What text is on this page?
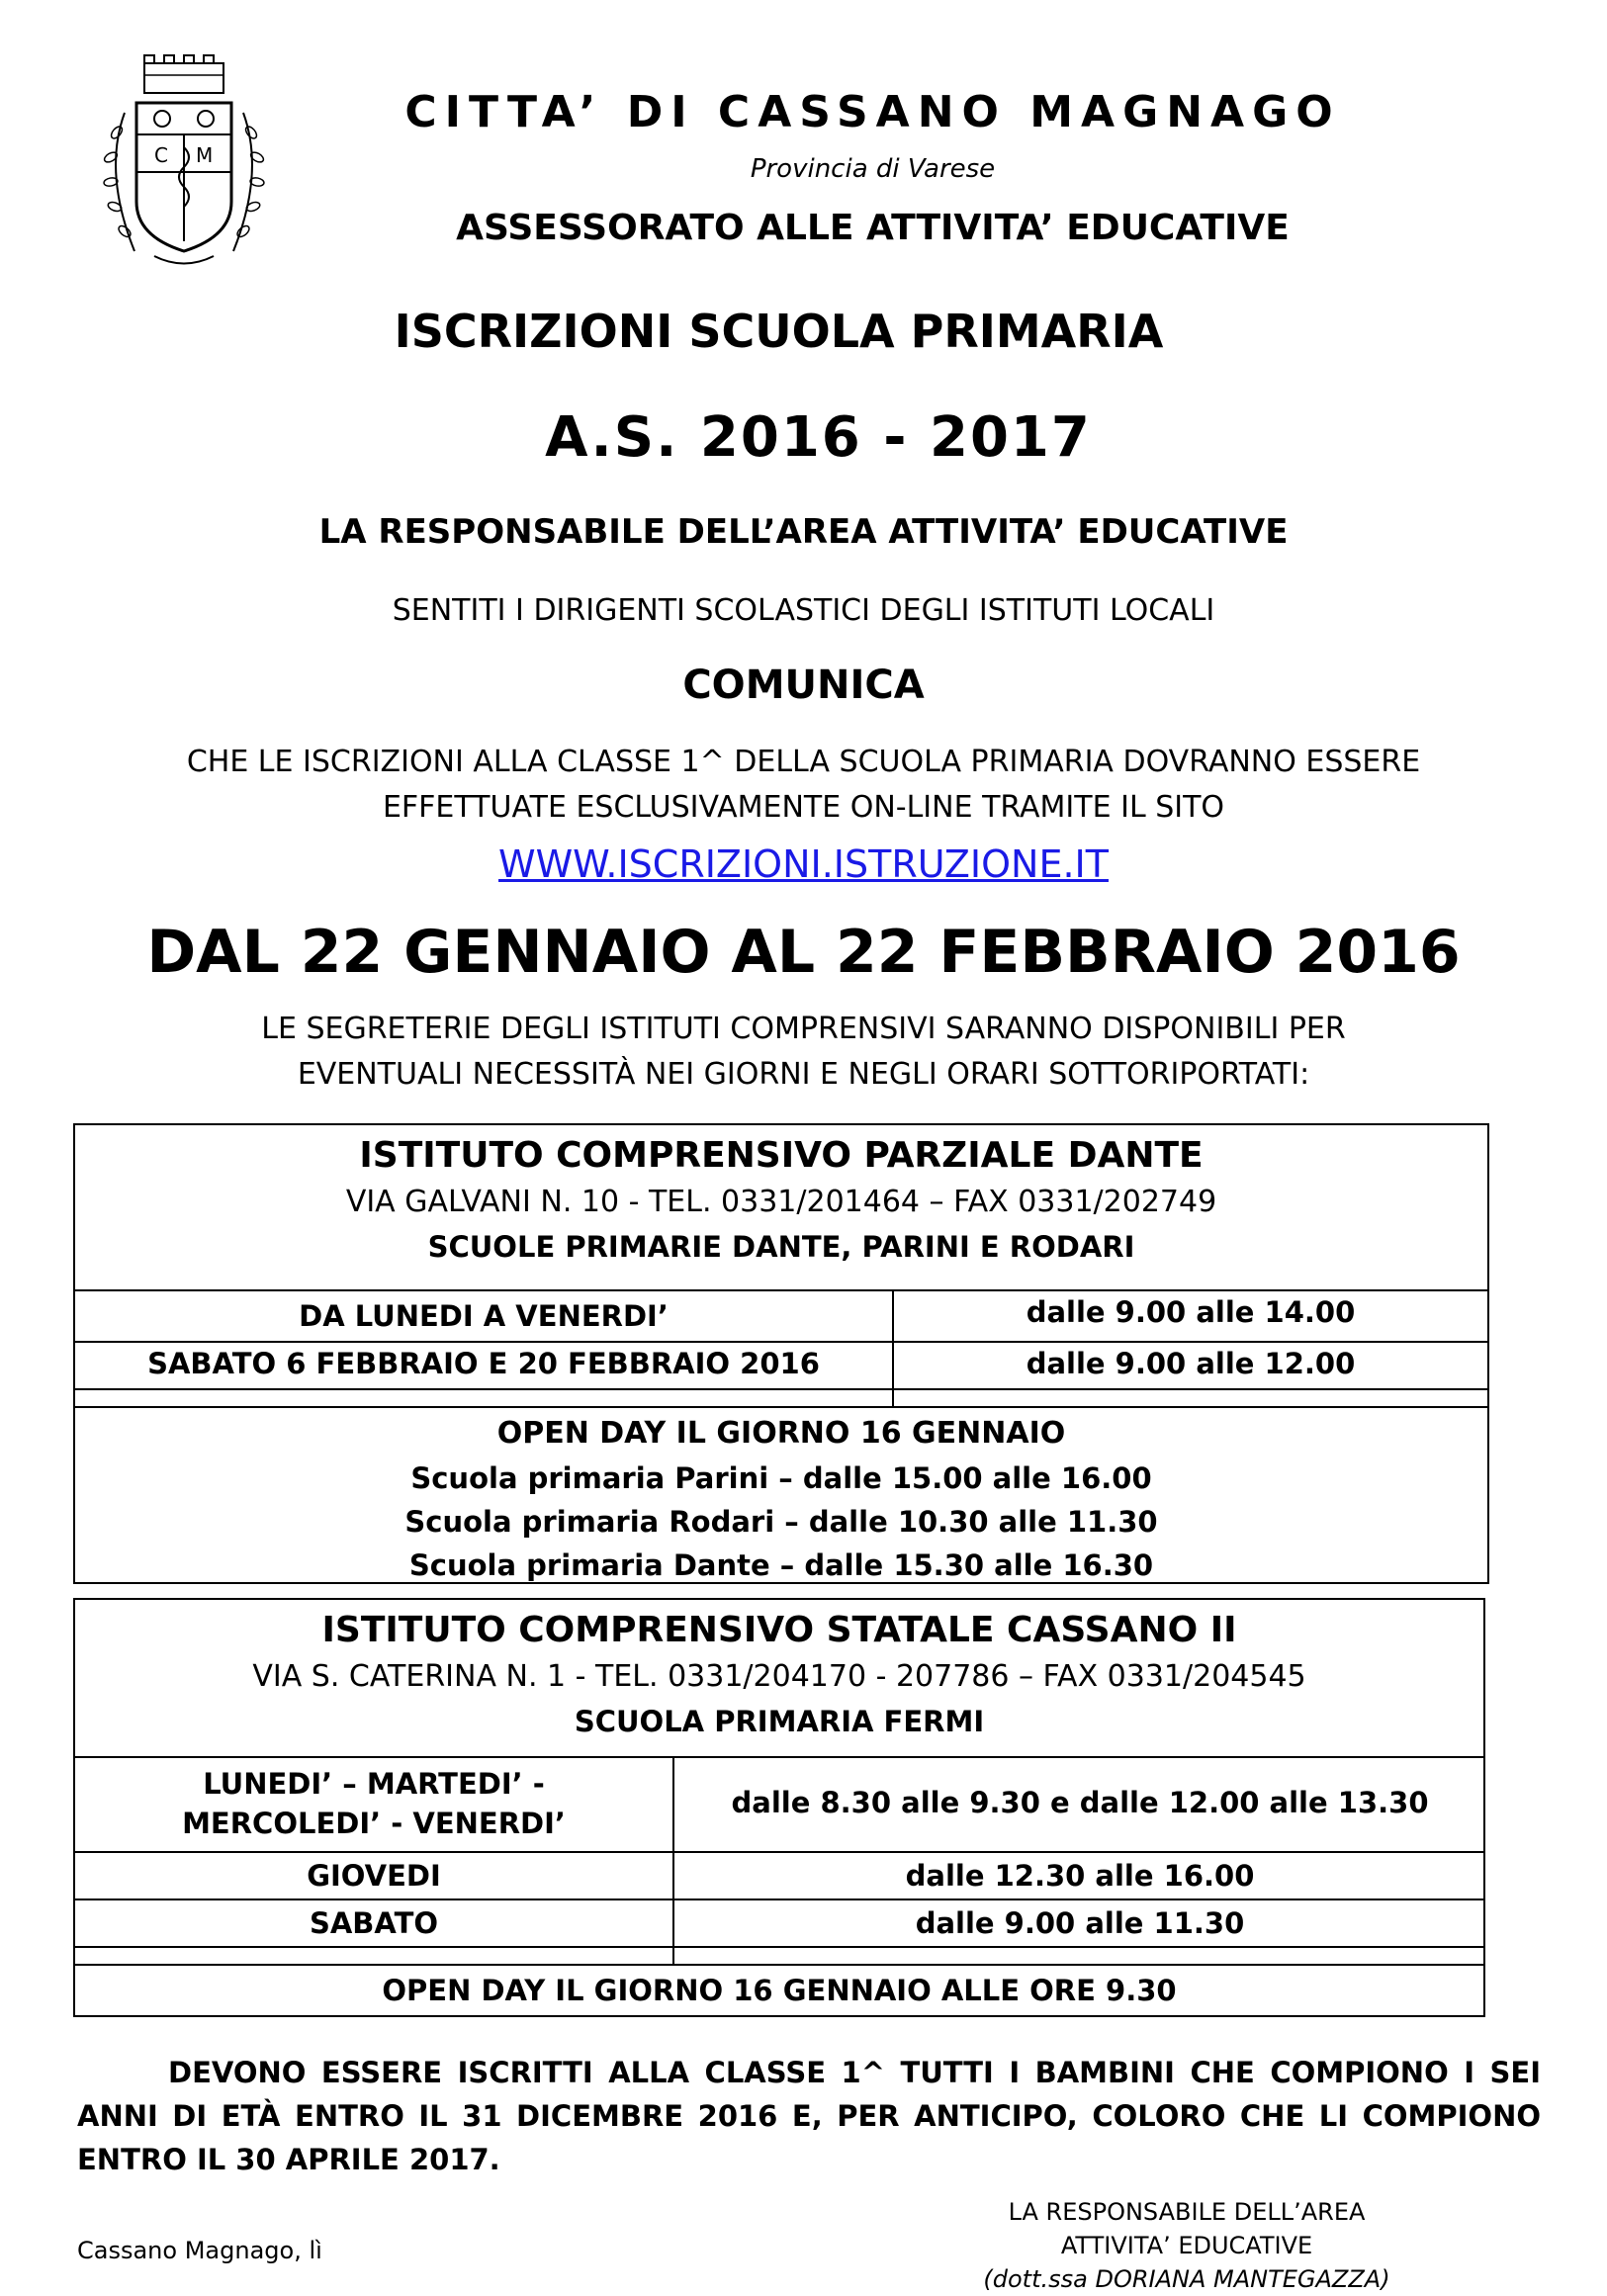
C M
CITTA’ DI CASSANO MAGNAGO
Provincia di Varese
ASSESSORATO ALLE ATTIVITA’ EDUCATIVE
ISCRIZIONI SCUOLA PRIMARIA
A.S. 2016 - 2017
LA RESPONSABILE DELL’AREA ATTIVITA’ EDUCATIVE
SENTITI I DIRIGENTI SCOLASTICI DEGLI ISTITUTI LOCALI
COMUNICA
CHE LE ISCRIZIONI ALLA CLASSE 1^ DELLA SCUOLA PRIMARIA DOVRANNO ESSERE
EFFETTUATE ESCLUSIVAMENTE ON-LINE TRAMITE IL SITO
WWW.ISCRIZIONI.ISTRUZIONE.IT
DAL 22 GENNAIO AL 22 FEBBRAIO 2016
LE SEGRETERIE DEGLI ISTITUTI COMPRENSIVI SARANNO DISPONIBILI PER
EVENTUALI NECESSITÀ NEI GIORNI E NEGLI ORARI SOTTORIPORTATI:
ISTITUTO COMPRENSIVO PARZIALE DANTE
VIA GALVANI N. 10 - TEL. 0331/201464 – FAX 0331/202749
SCUOLE PRIMARIE DANTE, PARINI E RODARI
DA LUNEDI A VENERDI’	dalle 9.00 alle 14.00
SABATO 6 FEBBRAIO E 20 FEBBRAIO 2016	dalle 9.00 alle 12.00
OPEN DAY IL GIORNO 16 GENNAIO
Scuola primaria Parini – dalle 15.00 alle 16.00
Scuola primaria Rodari – dalle 10.30 alle 11.30
Scuola primaria Dante – dalle 15.30 alle 16.30
ISTITUTO COMPRENSIVO STATALE CASSANO II
VIA S. CATERINA N. 1 - TEL. 0331/204170 - 207786 – FAX 0331/204545
SCUOLA PRIMARIA FERMI
LUNEDI’ – MARTEDI’ -
MERCOLEDI’ - VENERDI’
dalle 8.30 alle 9.30 e dalle 12.00 alle 13.30
GIOVEDI	dalle 12.30 alle 16.00
SABATO	dalle 9.00 alle 11.30
OPEN DAY IL GIORNO 16 GENNAIO ALLE ORE 9.30
DEVONO ESSERE ISCRITTI ALLA CLASSE 1^ TUTTI I BAMBINI CHE COMPIONO I SEI ANNI DI ETÀ ENTRO IL 31 DICEMBRE 2016 E, PER ANTICIPO, COLORO CHE LI COMPIONO ENTRO IL 30 APRILE 2017.
Cassano Magnago, lì
LA RESPONSABILE DELL’AREA
ATTIVITA’ EDUCATIVE
(dott.ssa DORIANA MANTEGAZZA)
